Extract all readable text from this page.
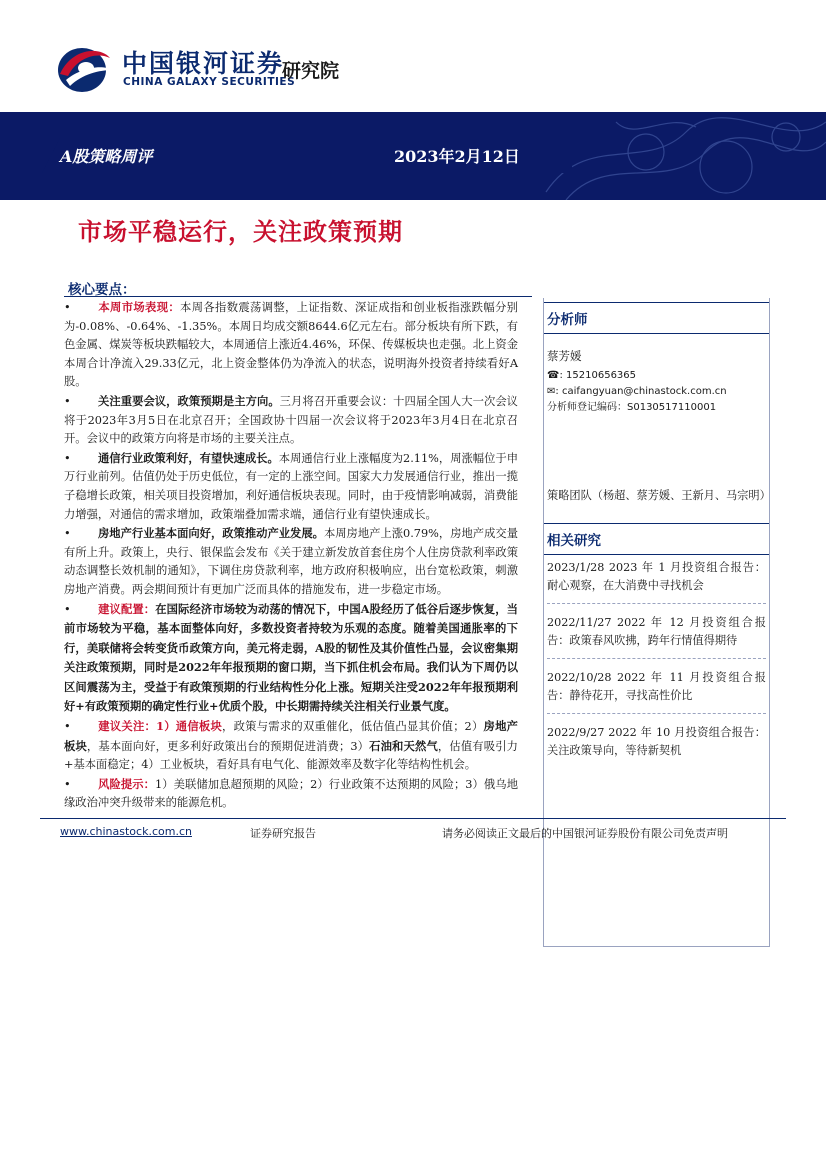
中国银河证券
CHINA GALAXY SECURITIES
研究院
A股策略周评	2023年2月12日
市场平稳运行，关注政策预期
核心要点：
• 本周市场表现：本周各指数震荡调整，上证指数、深证成指和创业板指涨跌幅分别为-0.08%、-0.64%、-1.35%。本周日均成交额8644.6亿元左右。部分板块有所下跌，有色金属、煤炭等板块跌幅较大，本周通信上涨近4.46%，环保、传媒板块也走强。北上资金本周合计净流入29.33亿元，北上资金整体仍为净流入的状态，说明海外投资者持续看好A股。
• 关注重要会议，政策预期是主方向。三月将召开重要会议：十四届全国人大一次会议将于2023年3月5日在北京召开；全国政协十四届一次会议将于2023年3月4日在北京召开。会议中的政策方向将是市场的主要关注点。
• 通信行业政策利好，有望快速成长。本周通信行业上涨幅度为2.11%，周涨幅位于申万行业前列。估值仍处于历史低位，有一定的上涨空间。国家大力发展通信行业，推出一揽子稳增长政策，相关项目投资增加，利好通信板块表现。同时，由于疫情影响减弱，消费能力增强，对通信的需求增加，政策端叠加需求端，通信行业有望快速成长。
• 房地产行业基本面向好，政策推动产业发展。本周房地产上涨0.79%，房地产成交量有所上升。政策上，央行、银保监会发布《关于建立新发放首套住房个人住房贷款利率政策动态调整长效机制的通知》，下调住房贷款利率，地方政府积极响应，出台宽松政策，刺激房地产消费。两会期间预计有更加广泛而具体的措施发布，进一步稳定市场。
• 建议配置：在国际经济市场较为动荡的情况下，中国A股经历了低谷后逐步恢复，当前市场较为平稳，基本面整体向好，多数投资者持较为乐观的态度。随着美国通胀率的下行，美联储将会转变货币政策方向，美元将走弱，A股的韧性及其价值性凸显，会议密集期关注政策预期，同时是2022年年报预期的窗口期，当下抓住机会布局。我们认为下周仍以区间震荡为主，受益于有政策预期的行业结构性分化上涨。短期关注受2022年年报预期利好+有政策预期的确定性行业+优质个股，中长期需持续关注相关行业景气度。
• 建议关注：1）通信板块，政策与需求的双重催化，低估值凸显其价值；2）房地产板块，基本面向好，更多利好政策出台的预期促进消费；3）石油和天然气，估值有吸引力+基本面稳定；4）工业板块，看好具有电气化、能源效率及数字化等结构性机会。
• 风险提示：1）美联储加息超预期的风险；2）行业政策不达预期的风险；3）俄乌地缘政治冲突升级带来的能源危机。
分析师
蔡芳媛
☎: 15210656365
✉: caifangyuan@chinastock.com.cn
分析师登记编码：S0130517110001
策略团队（杨超、蔡芳媛、王新月、马宗明）
相关研究
2023/1/28 2023 年 1 月投资组合报告：耐心观察，在大消费中寻找机会
2022/11/27 2022 年 12 月投资组合报告：政策春风吹拂，跨年行情值得期待
2022/10/28 2022 年 11 月投资组合报告：静待花开，寻找高性价比
2022/9/27 2022 年 10 月投资组合报告：关注政策导向，等待新契机
www.chinastock.com.cn	证券研究报告	请务必阅读正文最后的中国银河证券股份有限公司免责声明
